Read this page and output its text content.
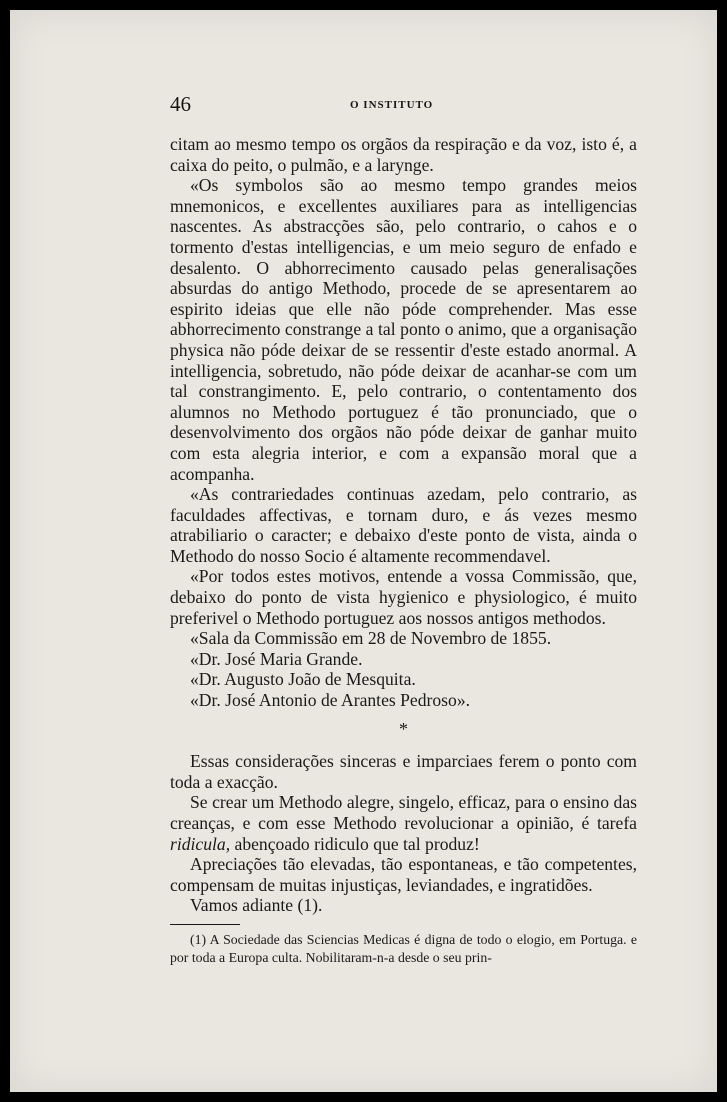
46	O INSTITUTO

citam ao mesmo tempo os orgãos da respiração e da voz, isto é, a caixa do peito, o pulmão, e a larynge.

«Os symbolos são ao mesmo tempo grandes meios mnemonicos, e excellentes auxiliares para as intelligencias nascentes. As abstracções são, pelo contrario, o cahos e o tormento d'estas intelligencias, e um meio seguro de enfado e desalento. O abhorrecimento causado pelas generalisações absurdas do antigo Methodo, procede de se apresentarem ao espirito ideias que elle não póde comprehender. Mas esse abhorrecimento constrange a tal ponto o animo, que a organisação physica não póde deixar de se ressentir d'este estado anormal. A intelligencia, sobretudo, não póde deixar de acanhar-se com um tal constrangimento. E, pelo contrario, o contentamento dos alumnos no Methodo portuguez é tão pronunciado, que o desenvolvimento dos orgãos não póde deixar de ganhar muito com esta alegria interior, e com a expansão moral que a acompanha.

«As contrariedades continuas azedam, pelo contrario, as faculdades affectivas, e tornam duro, e ás vezes mesmo atrabiliario o caracter; e debaixo d'este ponto de vista, ainda o Methodo do nosso Socio é altamente recommendavel.

«Por todos estes motivos, entende a vossa Commissão, que, debaixo do ponto de vista hygienico e physiologico, é muito preferivel o Methodo portuguez aos nossos antigos methodos.

«Sala da Commissão em 28 de Novembro de 1855.

«Dr. José Maria Grande.

«Dr. Augusto João de Mesquita.

«Dr. José Antonio de Arantes Pedroso».

*

Essas considerações sinceras e imparciaes ferem o ponto com toda a exacção.

Se crear um Methodo alegre, singelo, efficaz, para o ensino das creanças, e com esse Methodo revolucionar a opinião, é tarefa ridicula, abençoado ridiculo que tal produz!

Apreciações tão elevadas, tão espontaneas, e tão competentes, compensam de muitas injustiças, leviandades, e ingratidões.

Vamos adiante (1).

(1) A Sociedade das Sciencias Medicas é digna de todo o elogio, em Portuga. e por toda a Europa culta. Nobilitaram-n-a desde o seu prin-
